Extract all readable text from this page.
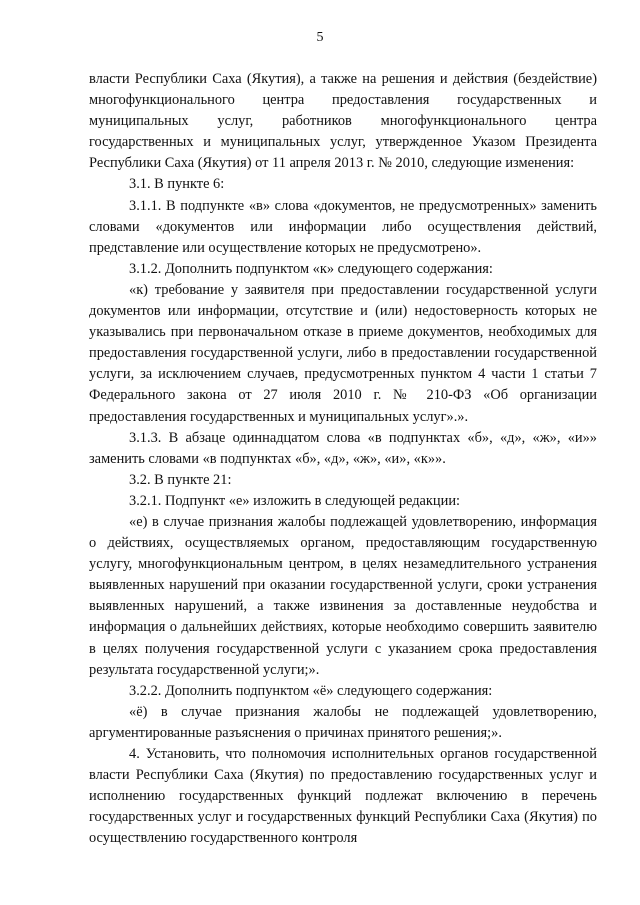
5

власти Республики Саха (Якутия), а также на решения и действия (бездействие) многофункционального центра предоставления государственных и муниципальных услуг, работников многофункционального центра государственных и муниципальных услуг, утвержденное Указом Президента Республики Саха (Якутия) от 11 апреля 2013 г. № 2010, следующие изменения:

3.1. В пункте 6:

3.1.1. В подпункте «в» слова «документов, не предусмотренных» заменить словами «документов или информации либо осуществления действий, представление или осуществление которых не предусмотрено».

3.1.2. Дополнить подпунктом «к» следующего содержания:

«к) требование у заявителя при предоставлении государственной услуги документов или информации, отсутствие и (или) недостоверность которых не указывались при первоначальном отказе в приеме документов, необходимых для предоставления государственной услуги, либо в предоставлении государственной услуги, за исключением случаев, предусмотренных пунктом 4 части 1 статьи 7 Федерального закона от 27 июля 2010 г. № 210-ФЗ «Об организации предоставления государственных и муниципальных услуг».».

3.1.3. В абзаце одиннадцатом слова «в подпунктах «б», «д», «ж», «и»» заменить словами «в подпунктах «б», «д», «ж», «и», «к»».

3.2. В пункте 21:

3.2.1. Подпункт «е» изложить в следующей редакции:

«е) в случае признания жалобы подлежащей удовлетворению, информация о действиях, осуществляемых органом, предоставляющим государственную услугу, многофункциональным центром, в целях незамедлительного устранения выявленных нарушений при оказании государственной услуги, сроки устранения выявленных нарушений, а также извинения за доставленные неудобства и информация о дальнейших действиях, которые необходимо совершить заявителю в целях получения государственной услуги с указанием срока предоставления результата государственной услуги;».

3.2.2. Дополнить подпунктом «ё» следующего содержания:

«ё) в случае признания жалобы не подлежащей удовлетворению, аргументированные разъяснения о причинах принятого решения;».

4. Установить, что полномочия исполнительных органов государственной власти Республики Саха (Якутия) по предоставлению государственных услуг и исполнению государственных функций подлежат включению в перечень государственных услуг и государственных функций Республики Саха (Якутия) по осуществлению государственного контроля
